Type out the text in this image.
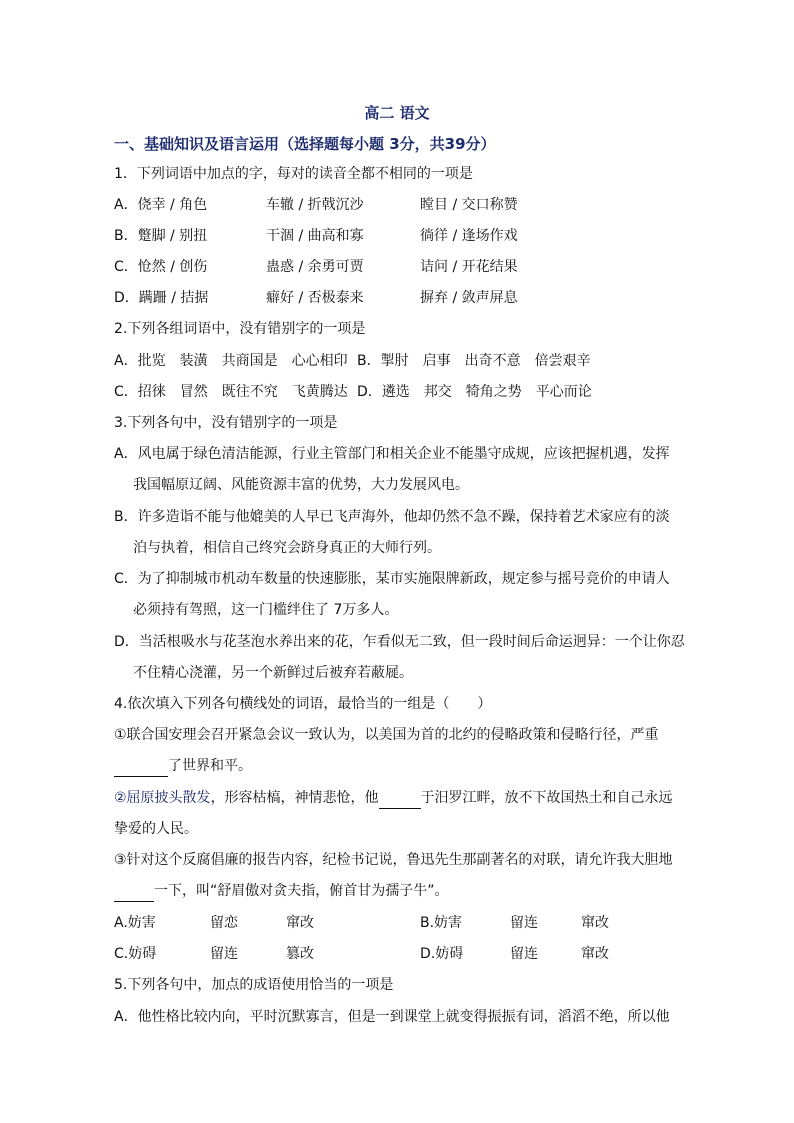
高二 语文
一、基础知识及语言运用（选择题每小题 3分，共39分）
1．下列词语中加点的字，每对的读音全都不相同的一项是
A．侥幸 / 角色	车辙 / 折戟沉沙	瞠目 / 交口称赞
B．蹩脚 / 别扭	干涸 / 曲高和寡	徜徉 / 逢场作戏
C．怆然 / 创伤	蛊惑 / 余勇可贾	诘问 / 开花结果
D．蹒跚 / 拮据	癖好 / 否极泰来	摒弃 / 敛声屏息
2.下列各组词语中，没有错别字的一项是
A．批览　装潢　共商国是　心心相印 B．掣肘　启事　出奇不意　倍尝艰辛
C．招徕　冒然　既往不究　飞黄腾达 D．遴选　邦交　犄角之势　平心而论
3.下列各句中，没有错别字的一项是
A．风电属于绿色清洁能源，行业主管部门和相关企业不能墨守成规，应该把握机遇，发挥
我国幅原辽阔、风能资源丰富的优势，大力发展风电。
B．许多造诣不能与他媲美的人早已飞声海外，他却仍然不急不躁，保持着艺术家应有的淡
泊与执着，相信自己终究会跻身真正的大师行列。
C．为了抑制城市机动车数量的快速膨胀，某市实施限牌新政，规定参与摇号竞价的申请人
必须持有驾照，这一门槛绊住了 7万多人。
D．当活根吸水与花茎泡水养出来的花，乍看似无二致，但一段时间后命运迥异：一个让你忍
不住精心浇灌，另一个新鲜过后被弃若蔽屣。
4.依次填入下列各句横线处的词语，最恰当的一组是（　　）
①联合国安理会召开紧急会议一致认为，以美国为首的北约的侵略政策和侵略行径，严重
了世界和平。
②屈原披头散发，形容枯槁，神情悲怆，他	于汨罗江畔，放不下故国热土和自己永远
挚爱的人民。
③针对这个反腐倡廉的报告内容，纪检书记说，鲁迅先生那副著名的对联，请允许我大胆地
一下，叫“舒眉傲对贪夫指，俯首甘为孺子牛”。
A.妨害	留恋	窜改	B.妨害	留连	窜改
C.妨碍	留连	篡改	D.妨碍	留连	窜改
5.下列各句中，加点的成语使用恰当的一项是
A．他性格比较内向，平时沉默寡言，但是一到课堂上就变得振振有词，滔滔不绝，所以他
